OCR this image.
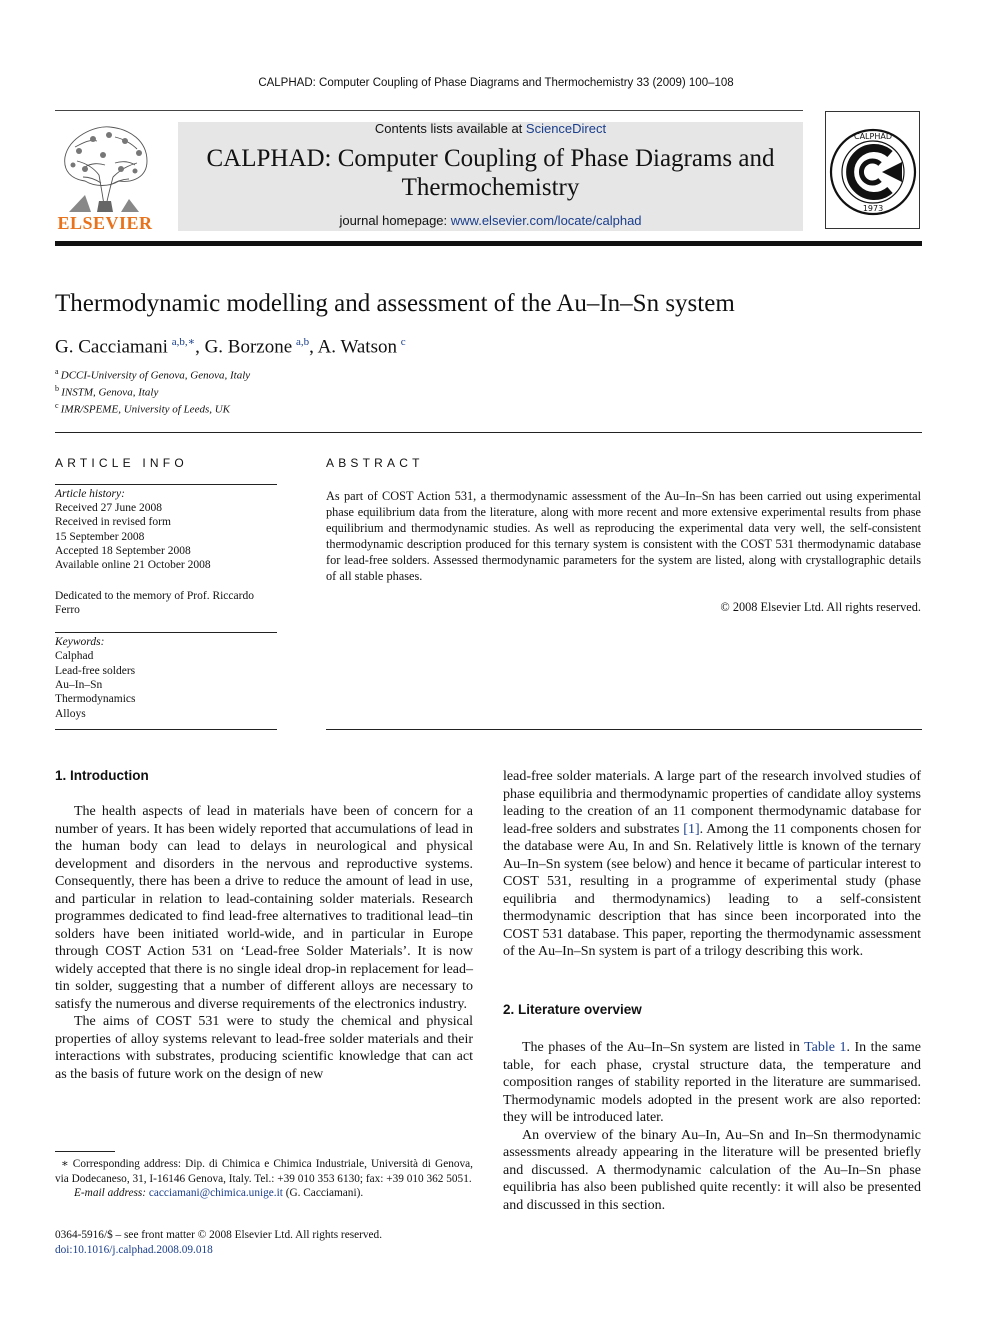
CALPHAD: Computer Coupling of Phase Diagrams and Thermochemistry 33 (2009) 100–108
Contents lists available at ScienceDirect
CALPHAD: Computer Coupling of Phase Diagrams and
Thermochemistry
journal homepage: www.elsevier.com/locate/calphad
ELSEVIER
CALPHAD
1973
Thermodynamic modelling and assessment of the Au–In–Sn system
G. Cacciamani  $^{a,b,∗}$, G. Borzone  $^{a,b}$, A. Watson  $^c$
$^a$  DCCI-University of Genova, Genova, Italy
$^b$  INSTM, Genova, Italy
$^c$  IMR/SPEME, University of Leeds, UK
ARTICLE INFO
Article history:
Received 27 June 2008
Received in revised form
15 September 2008
Accepted 18 September 2008
Available online 21 October 2008
Dedicated to the memory of Prof. Riccardo
Ferro
Keywords:
Calphad
Lead-free solders
Au–In–Sn
Thermodynamics
Alloys
ABSTRACT
As part of COST Action 531, a thermodynamic assessment of the Au–In–Sn has been carried out using experimental phase equilibrium data from the literature, along with more recent and more extensive experimental results from phase equilibrium and thermodynamic studies. As well as reproducing the experimental data very well, the self-consistent thermodynamic description produced for this ternary system is consistent with the COST 531 thermodynamic database for lead-free solders. Assessed thermodynamic parameters for the system are listed, along with crystallographic details of all stable phases.
© 2008 Elsevier Ltd. All rights reserved.
1. Introduction

The health aspects of lead in materials have been of concern for a number of years. It has been widely reported that accumulations of lead in the human body can lead to delays in neurological and physical development and disorders in the nervous and reproductive systems. Consequently, there has been a drive to reduce the amount of lead in use, and particular in relation to lead-containing solder materials. Research programmes dedicated to find lead-free alternatives to traditional lead–tin solders have been initiated world-wide, and in particular in Europe through COST Action 531 on ‘Lead-free Solder Materials’. It is now widely accepted that there is no single ideal drop-in replacement for lead–tin solder, suggesting that a number of different alloys are necessary to satisfy the numerous and diverse requirements of the electronics industry.

The aims of COST 531 were to study the chemical and physical properties of alloy systems relevant to lead-free solder materials and their interactions with substrates, producing scientific knowledge that can act as the basis of future work on the design of new

lead-free solder materials. A large part of the research involved studies of phase equilibria and thermodynamic properties of candidate alloy systems leading to the creation of an 11 component thermodynamic database for lead-free solders and substrates [1]. Among the 11 components chosen for the database were Au, In and Sn. Relatively little is known of the ternary Au–In–Sn system (see below) and hence it became of particular interest to COST 531, resulting in a programme of experimental study (phase equilibria and thermodynamics) leading to a self-consistent thermodynamic description that has since been incorporated into the COST 531 database. This paper, reporting the thermodynamic assessment of the Au–In–Sn system is part of a trilogy describing this work.

2. Literature overview

The phases of the Au–In–Sn system are listed in Table 1. In the same table, for each phase, crystal structure data, the temperature and composition ranges of stability reported in the literature are summarised. Thermodynamic models adopted in the present work are also reported: they will be introduced later.

An overview of the binary Au–In, Au–Sn and In–Sn thermodynamic assessments already appearing in the literature will be presented briefly and discussed. A thermodynamic calculation of the Au–In–Sn phase equilibria has also been published quite recently: it will also be presented and discussed in this section.

∗ Corresponding address: Dip. di Chimica e Chimica Industriale, Università di Genova, via Dodecaneso, 31, I-16146 Genova, Italy. Tel.: +39 010 353 6130; fax: +39 010 362 5051.
E-mail address: cacciamani@chimica.unige.it (G. Cacciamani).
0364-5916/$ – see front matter © 2008 Elsevier Ltd. All rights reserved.
doi:10.1016/j.calphad.2008.09.018
